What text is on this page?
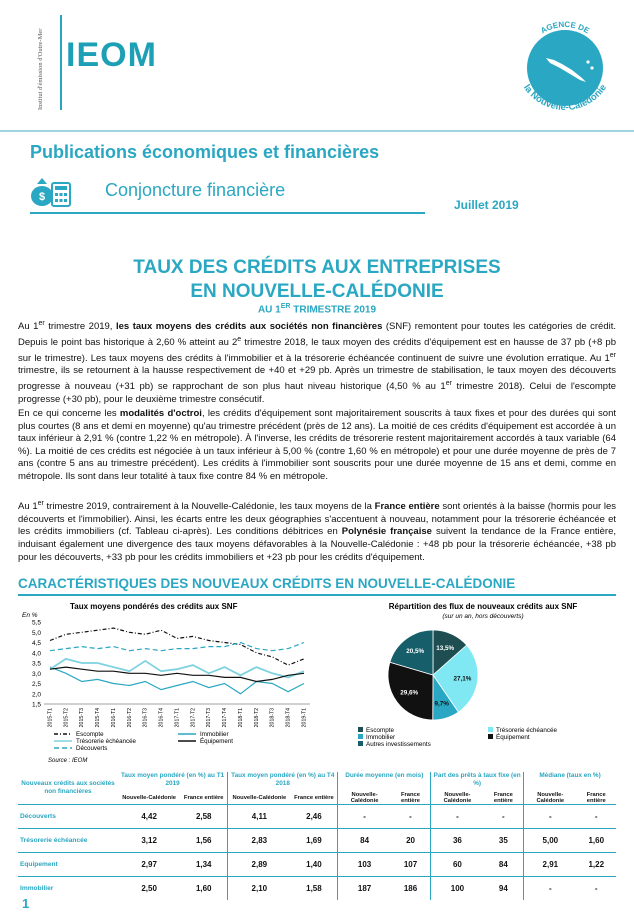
Institut d'émission d'Outre-Mer IEOM
AGENCE DE
la Nouvelle-Calédonie
Publications économiques et financières
$	Conjoncture financière
Juillet 2019
TAUX DES CRÉDITS AUX ENTREPRISES
EN NOUVELLE-CALÉDONIE
AU 1ER TRIMESTRE 2019
Au 1er trimestre 2019, les taux moyens des crédits aux sociétés non financières (SNF) remontent pour toutes les catégories de crédit. Depuis le point bas historique à 2,60 % atteint au 2e trimestre 2018, le taux moyen des crédits d'équipement est en hausse de 37 pb (+8 pb sur le trimestre). Les taux moyens des crédits à l'immobilier et à la trésorerie échéancée continuent de suivre une évolution erratique. Au 1er trimestre, ils se retournent à la hausse respectivement de +40 et +29 pb. Après un trimestre de stabilisation, le taux moyen des découverts progresse à nouveau (+31 pb) se rapprochant de son plus haut niveau historique (4,50 % au 1er trimestre 2018). Celui de l'escompte progresse (+30 pb), pour le deuxième trimestre consécutif.
En ce qui concerne les modalités d'octroi, les crédits d'équipement sont majoritairement souscrits à taux fixes et pour des durées qui sont plus courtes (8 ans et demi en moyenne) qu'au trimestre précédent (près de 12 ans). La moitié de ces crédits d'équipement est accordée à un taux inférieur à 2,91 % (contre 1,22 % en métropole). À l'inverse, les crédits de trésorerie restent majoritairement accordés à taux variable (64 %). La moitié de ces crédits est négociée à un taux inférieur à 5,00 % (contre 1,60 % en métropole) et pour une durée moyenne de près de 7 ans (contre 5 ans au trimestre précédent). Les crédits à l'immobilier sont souscrits pour une durée moyenne de 15 ans et demi, comme en métropole. Ils sont dans leur totalité à taux fixe contre 84 % en métropole.
Au 1er trimestre 2019, contrairement à la Nouvelle-Calédonie, les taux moyens de la France entière sont orientés à la baisse (hormis pour les découverts et l'immobilier). Ainsi, les écarts entre les deux géographies s'accentuent à nouveau, notamment pour la trésorerie échéancée et les crédits immobiliers (cf. Tableau ci-après). Les conditions débitrices en Polynésie française suivent la tendance de la France entière, induisant également une divergence des taux moyens défavorables à la Nouvelle-Calédonie : +48 pb pour la trésorerie échéancée, +38 pb pour les découverts, +33 pb pour les crédits immobiliers et +23 pb pour les crédits d'équipement.
CARACTÉRISTIQUES DES NOUVEAUX CRÉDITS EN NOUVELLE-CALÉDONIE
Taux moyens pondérés des crédits aux SNF
En %
5,5
5,0
4,5
4,0
3,5
3,0
2,5
2,0
1,5
2015-T1 2015-T2 2015-T3 2015-T4 2016-T1 2016-T2 2016-T3 2016-T4 2017-T1 2017-T2 2017-T3 2017-T4 2018-T1 2018-T2 2018-T3 2018-T4 2019-T1
Escompte	Immobilier
Trésorerie échéancée	Équipement
Découverts
Source : IEOM
Répartition des flux de nouveaux crédits aux SNF
(sur un an, hors découverts)
13,5%
27,1%
9,7%
29,6%
20,5%
Escompte	Trésorerie échéancée
Immobilier	Équipement
Autres investissements
Nouveaux crédits aux sociétés non financières	Taux moyen pondéré (en %) au T1 2019		Taux moyen pondéré (en %) au T4 2018		Durée moyenne (en mois)		Part des prêts à taux fixe (en %)		Médiane (taux en %)	
	Nouvelle-Calédonie	France entière	Nouvelle-Calédonie	France entière	Nouvelle-Calédonie	France entière	Nouvelle-Calédonie	France entière	Nouvelle-Calédonie	France entière
Découverts	4,42	2,58	4,11	2,46	-	-	-	-	-	-
Trésorerie échéancée	3,12	1,56	2,83	1,69	84	20	36	35	5,00	1,60
Equipement	2,97	1,34	2,89	1,40	103	107	60	84	2,91	1,22
Immobilier	2,50	1,60	2,10	1,58	187	186	100	94	-	-
1
